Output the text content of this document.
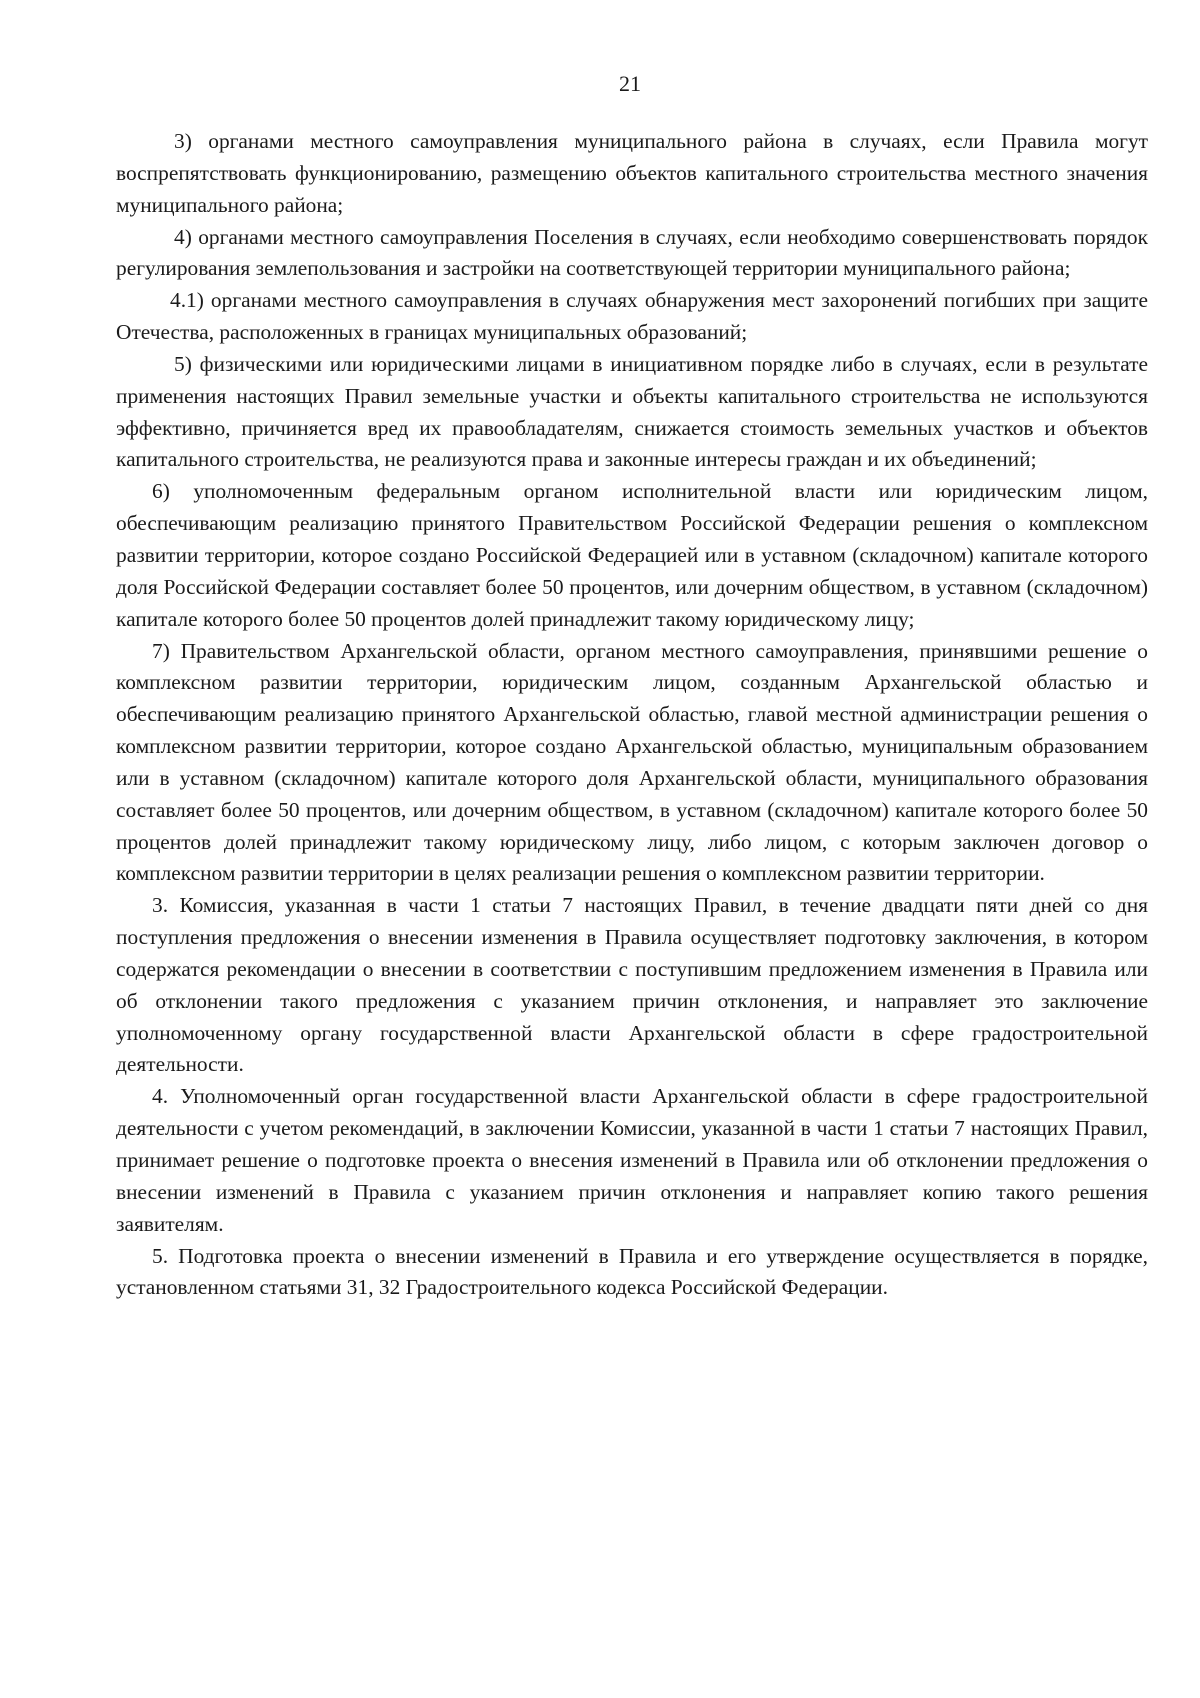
21

3) органами местного самоуправления муниципального района в случаях, если Правила могут воспрепятствовать функционированию, размещению объектов капитального строительства местного значения муниципального района;

4) органами местного самоуправления Поселения в случаях, если необходимо совершенствовать порядок регулирования землепользования и застройки на соответствующей территории муниципального района;

4.1) органами местного самоуправления в случаях обнаружения мест захоронений погибших при защите Отечества, расположенных в границах муниципальных образований;

5) физическими или юридическими лицами в инициативном порядке либо в случаях, если в результате применения настоящих Правил земельные участки и объекты капитального строительства не используются эффективно, причиняется вред их правообладателям, снижается стоимость земельных участков и объектов капитального строительства, не реализуются права и законные интересы граждан и их объединений;

6) уполномоченным федеральным органом исполнительной власти или юридическим лицом, обеспечивающим реализацию принятого Правительством Российской Федерации решения о комплексном развитии территории, которое создано Российской Федерацией или в уставном (складочном) капитале которого доля Российской Федерации составляет более 50 процентов, или дочерним обществом, в уставном (складочном) капитале которого более 50 процентов долей принадлежит такому юридическому лицу;

7) Правительством Архангельской области, органом местного самоуправления, принявшими решение о комплексном развитии территории, юридическим лицом, созданным Архангельской областью и обеспечивающим реализацию принятого Архангельской областью, главой местной администрации решения о комплексном развитии территории, которое создано Архангельской областью, муниципальным образованием или в уставном (складочном) капитале которого доля Архангельской области, муниципального образования составляет более 50 процентов, или дочерним обществом, в уставном (складочном) капитале которого более 50 процентов долей принадлежит такому юридическому лицу, либо лицом, с которым заключен договор о комплексном развитии территории в целях реализации решения о комплексном развитии территории.

3. Комиссия, указанная в части 1 статьи 7 настоящих Правил, в течение двадцати пяти дней со дня поступления предложения о внесении изменения в Правила осуществляет подготовку заключения, в котором содержатся рекомендации о внесении в соответствии с поступившим предложением изменения в Правила или об отклонении такого предложения с указанием причин отклонения, и направляет это заключение уполномоченному органу государственной власти Архангельской области в сфере градостроительной деятельности.

4. Уполномоченный орган государственной власти Архангельской области в сфере градостроительной деятельности с учетом рекомендаций, в заключении Комиссии, указанной в части 1 статьи 7 настоящих Правил, принимает решение о подготовке проекта о внесения изменений в Правила или об отклонении предложения о внесении изменений в Правила с указанием причин отклонения и направляет копию такого решения заявителям.

5. Подготовка проекта о внесении изменений в Правила и его утверждение осуществляется в порядке, установленном статьями 31, 32 Градостроительного кодекса Российской Федерации.
